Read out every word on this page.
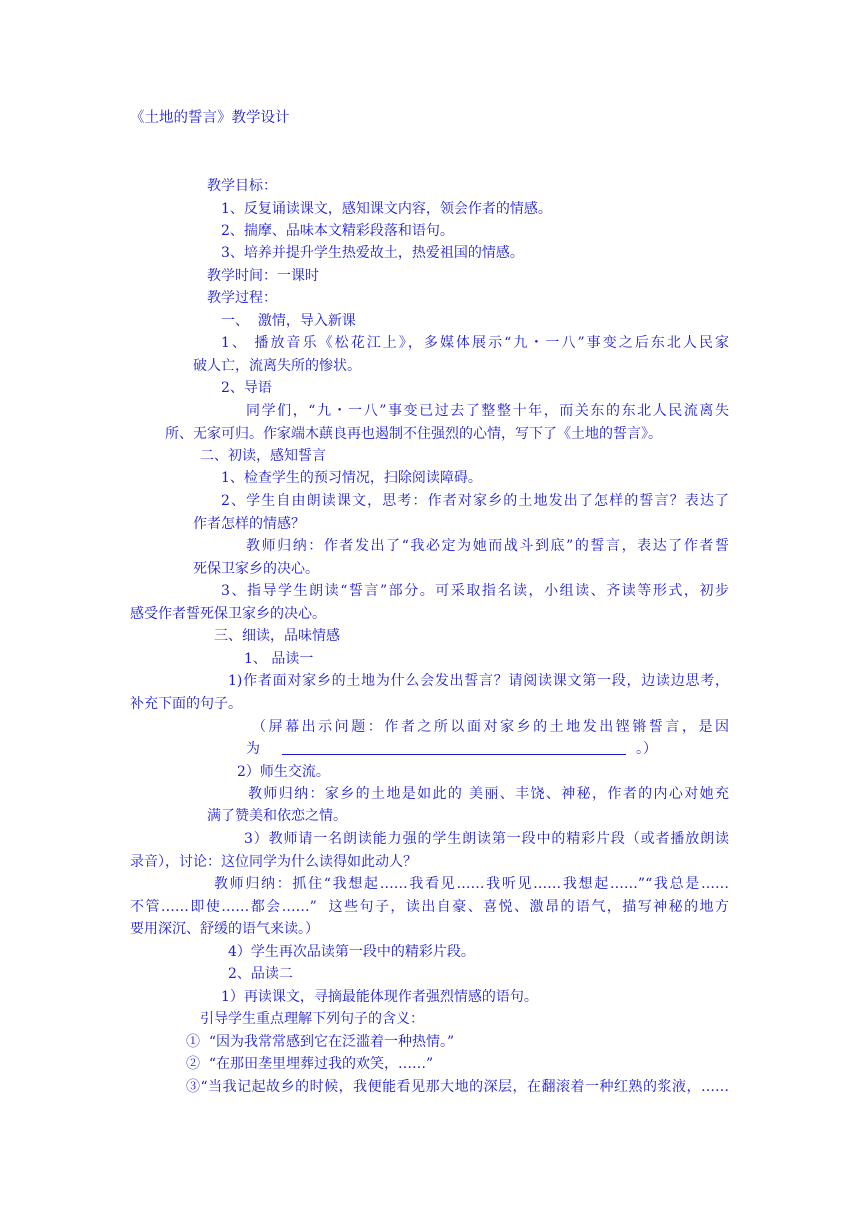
《土地的誓言》教学设计
教学目标：
1、反复诵读课文，感知课文内容，领会作者的情感。
2、揣摩、品味本文精彩段落和语句。
3、培养并提升学生热爱故土，热爱祖国的情感。
教学时间：一课时
教学过程：
一、  激情，导入新课
1、 播放音乐《松花江上》，多媒体展示“九・一八”事变之后东北人民家
破人亡，流离失所的惨状。
2、导语
同学们，“九・一八”事变已过去了整整十年，而关东的东北人民流离失
所、无家可归。作家端木蕻良再也遏制不住强烈的心情，写下了《土地的誓言》。
二、初读，感知誓言
1、检查学生的预习情况，扫除阅读障碍。
2、学生自由朗读课文，思考：作者对家乡的土地发出了怎样的誓言？表达了
作者怎样的情感？
教师归纳：作者发出了“我必定为她而战斗到底”的誓言，表达了作者誓
死保卫家乡的决心。
3、指导学生朗读“誓言”部分。可采取指名读，小组读、齐读等形式，初步
感受作者誓死保卫家乡的决心。
三、细读，品味情感
1、 品读一
1)作者面对家乡的土地为什么会发出誓言？请阅读课文第一段，边读边思考，
补充下面的句子。
（屏幕出示问题：作者之所以面对家乡的土地发出铿锵誓言，是因
为	。）
2）师生交流。
教师归纳：家乡的土地是如此的 美丽、丰饶、神秘，作者的内心对她充
满了赞美和依恋之情。
3）教师请一名朗读能力强的学生朗读第一段中的精彩片段（或者播放朗读
录音），讨论：这位同学为什么读得如此动人？
教师归纳：抓住“我想起……我看见……我听见……我想起……”“我总是……
不管……即使……都会……”  这些句子，读出自豪、喜悦、激昂的语气，描写神秘的地方
要用深沉、舒缓的语气来读。）
4）学生再次品读第一段中的精彩片段。
2、品读二
1）再读课文，寻摘最能体现作者强烈情感的语句。
引导学生重点理解下列句子的含义：
①  “因为我常常感到它在泛滥着一种热情。”
②  “在那田垄里埋葬过我的欢笑，……”
③“当我记起故乡的时候，我便能看见那大地的深层，在翻滚着一种红熟的浆液，……
